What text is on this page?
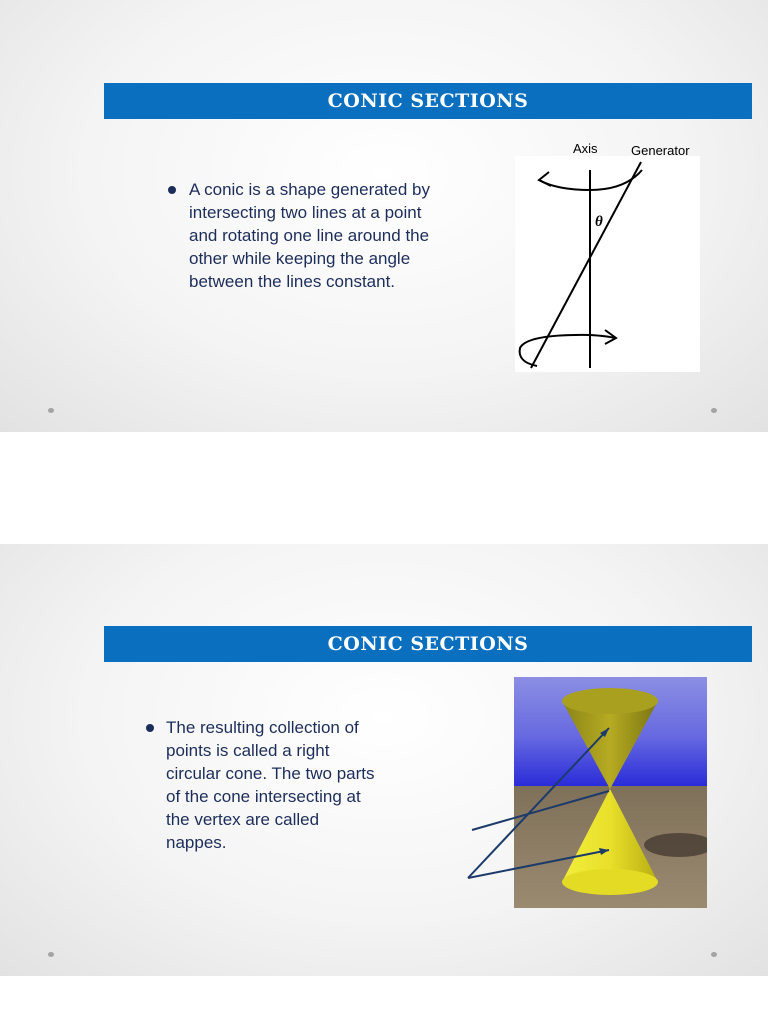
CONIC SECTIONS

A conic is a shape generated by intersecting two lines at a point and rotating one line around the other while keeping the angle between the lines constant.

Axis	Generator
θ
CONIC SECTIONS

The resulting collection of points is called a right circular cone. The two parts of the cone intersecting at the vertex are called nappes.
